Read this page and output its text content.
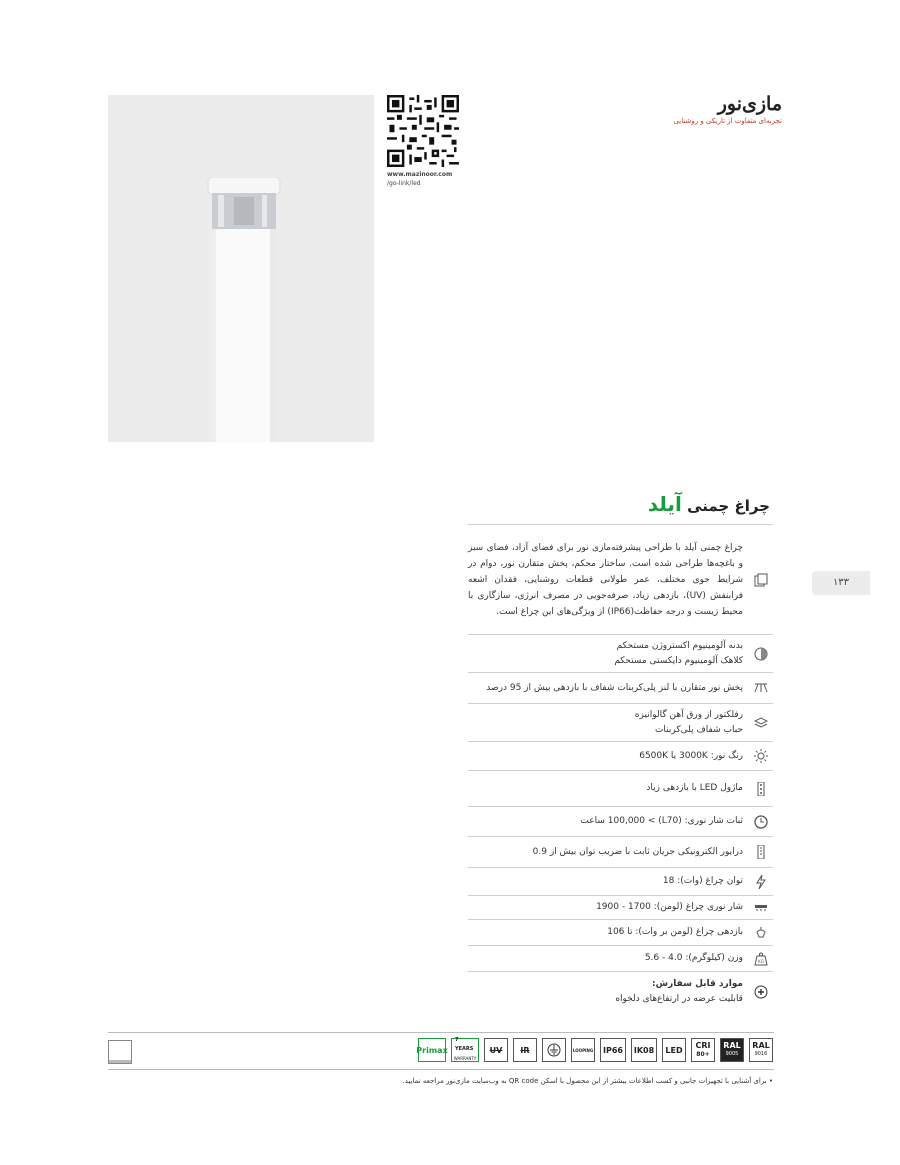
www.mazinoor.com
/go-link/led
مازی‌نور
تجربه‌ای متفاوت از تاریکی و روشنایی
۱۳۳
چراغ چمنی آیلد
چراغ چمنی آیلد با طراحی پیشرفته‌مازی نور برای فضای آزاد، فضای سبز و باغچه‌ها طراحی شده است. ساختار محکم، پخش متقارن نور، دوام در شرایط جوی مختلف، عمر طولانی قطعات روشنایی، فقدان اشعه فرابنفش (UV)، بازدهی زیاد، صرفه‌جویی در مصرف انرژی، سازگاری با محیط زیست و درجه حفاظت(IP66) از ویژگی‌های این چراغ است.
بدنه آلومینیوم اکستروژن مستحکم
کلاهک آلومینیوم دایکستی مستحکم
پخش نور متقارن با لنز پلی‌کربنات شفاف با بازدهی بیش از 95 درصد
رفلکتور از ورق آهن گالوانیزه
حباب شفاف پلی‌کربنات
رنگ نور: 3000K یا 6500K
ماژول LED با بازدهی زیاد
ثبات شار نوری: (L70) > 100,000 ساعت
درایور الکترونیکی جریان ثابت با ضریب توان بیش از 0.9
توان چراغ (وات): 18
شار نوری چراغ (لومن): 1700 - 1900
بازدهی چراغ (لومن بر وات): تا 106
KG
وزن (کیلوگرم): 4.0 - 5.6
موارد قابل سفارش:
قابلیت عرضه در ارتفاع‌های دلخواه
Primax
7 YEARS
WARRANTY
UV IR	LOOPING IP66 IK08 LED CRI
80+
RAL
9005
RAL
9016
• برای آشنایی با تجهیزات جانبی و کسب اطلاعات بیشتر از این محصول با اسکن QR code به وب‌سایت مازی‌نور مراجعه نمایید.
